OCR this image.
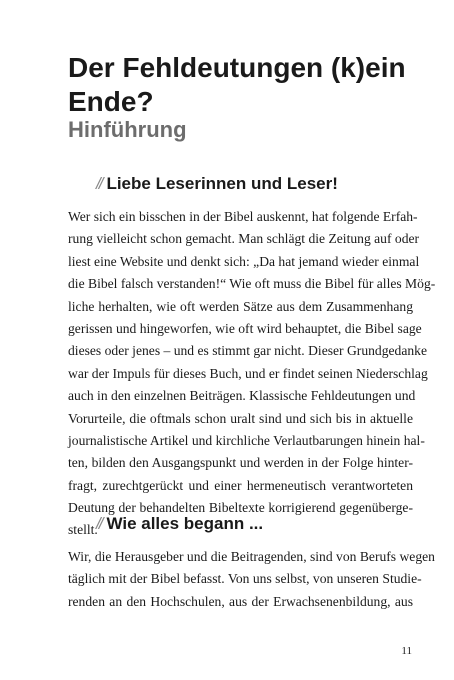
Der Fehldeutungen (k)ein Ende?
Hinführung
// Liebe Leserinnen und Leser!
Wer sich ein bisschen in der Bibel auskennt, hat folgende Erfah-
rung vielleicht schon gemacht. Man schlägt die Zeitung auf oder
liest eine Website und denkt sich: „Da hat jemand wieder einmal
die Bibel falsch verstanden!“ Wie oft muss die Bibel für alles Mög-
liche herhalten, wie oft werden Sätze aus dem Zusammenhang
gerissen und hingeworfen, wie oft wird behauptet, die Bibel sage
dieses oder jenes – und es stimmt gar nicht. Dieser Grundgedanke
war der Impuls für dieses Buch, und er findet seinen Niederschlag
auch in den einzelnen Beiträgen. Klassische Fehldeutungen und
Vorurteile, die oftmals schon uralt sind und sich bis in aktuelle
journalistische Artikel und kirchliche Verlautbarungen hinein hal-
ten, bilden den Ausgangspunkt und werden in der Folge hinter-
fragt, zurechtgerückt und einer hermeneutisch verantworteten
Deutung der behandelten Bibeltexte korrigierend gegenüberge-
stellt.
// Wie alles begann ...
Wir, die Herausgeber und die Beitragenden, sind von Berufs wegen
täglich mit der Bibel befasst. Von uns selbst, von unseren Studie-
renden an den Hochschulen, aus der Erwachsenenbildung, aus
11
